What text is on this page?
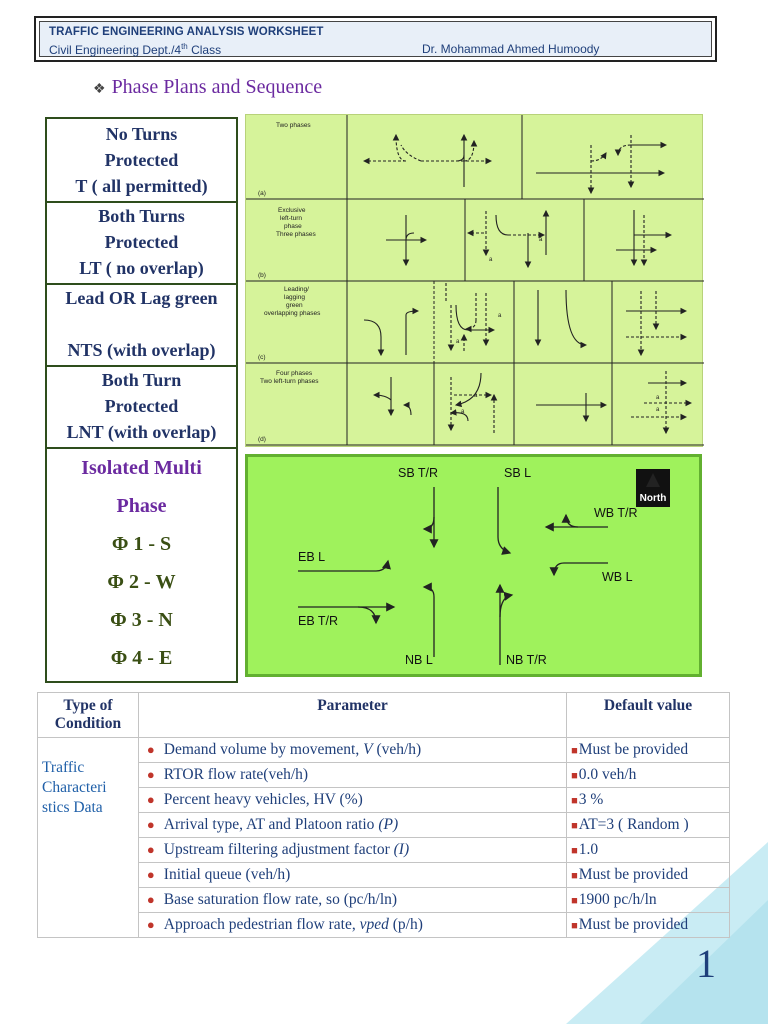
TRAFFIC ENGINEERING ANALYSIS WORKSHEET
Civil Engineering Dept./4th Class	Dr. Mohammad Ahmed Humoody
❖ Phase Plans and Sequence
No Turns
Protected
T ( all permitted)
Both Turns
Protected
LT ( no overlap)
Lead OR Lag green
NTS (with overlap)
Both Turn
Protected
LNT (with overlap)
Isolated Multi
Phase
Φ 1 - S
Φ 2 - W
Φ 3 - N
Φ 4 - E
Two phases
(a)
Exclusive
left-turn
phase
Three phases
(b)
Leading/
lagging
green
overlapping phases
(c)
Four phases
Two left-turn phases
(d)
a
a
a
a
a
a
a
a
North
SB T/R	SB L
WB T/R
WB L
EB L
EB T/R
NB L	NB T/R
Type of Condition	Parameter	Default value

Traffic
Characteri
stics Data	● Demand volume by movement, V (veh/h)	■Must be provided
	● RTOR flow rate(veh/h)	■0.0 veh/h
	● Percent heavy vehicles, HV (%)	■3 %
	● Arrival type, AT and Platoon ratio (P)	■AT=3 ( Random )
	● Upstream filtering adjustment factor (I)	■1.0
	● Initial queue (veh/h)	■Must be provided
	● Base saturation flow rate, so (pc/h/ln)	■1900 pc/h/ln
	● Approach pedestrian flow rate, vped (p/h)	■Must be provided
1
